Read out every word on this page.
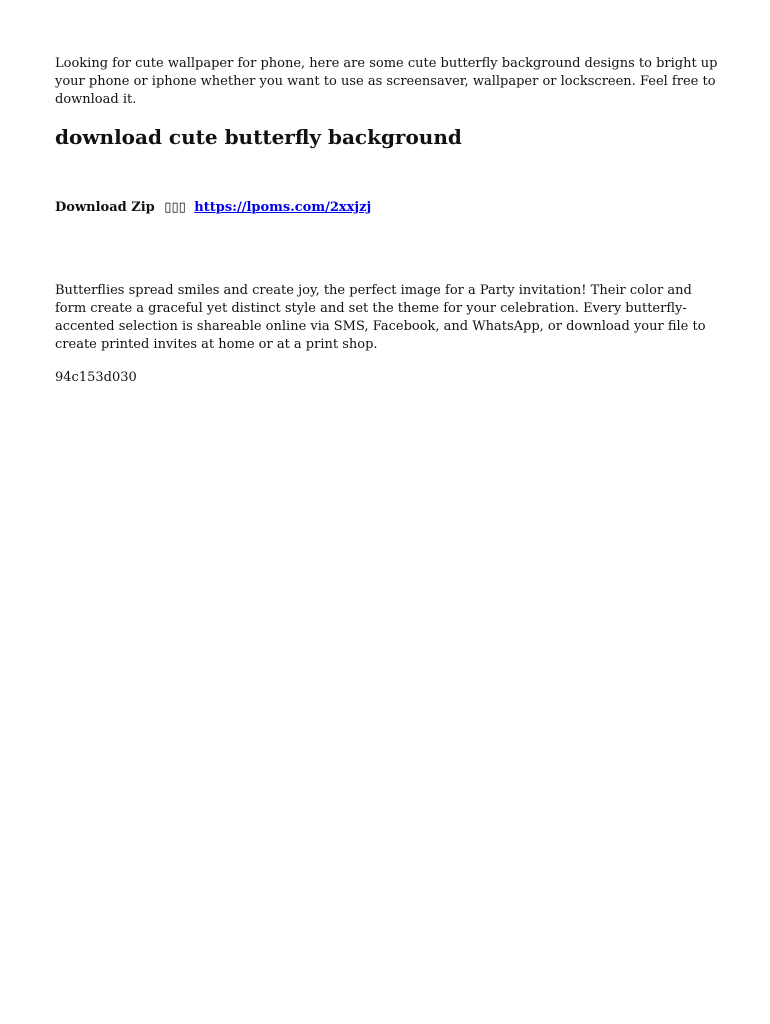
Looking for cute wallpaper for phone, here are some cute butterfly background designs to bright up your phone or iphone whether you want to use as screensaver, wallpaper or lockscreen. Feel free to download it.

download cute butterfly background

Download Zip ▯▯▯ https://lpoms.com/2xxjzj

Butterflies spread smiles and create joy, the perfect image for a Party invitation! Their color and form create a graceful yet distinct style and set the theme for your celebration. Every butterfly-accented selection is shareable online via SMS, Facebook, and WhatsApp, or download your file to create printed invites at home or at a print shop.

94c153d030
